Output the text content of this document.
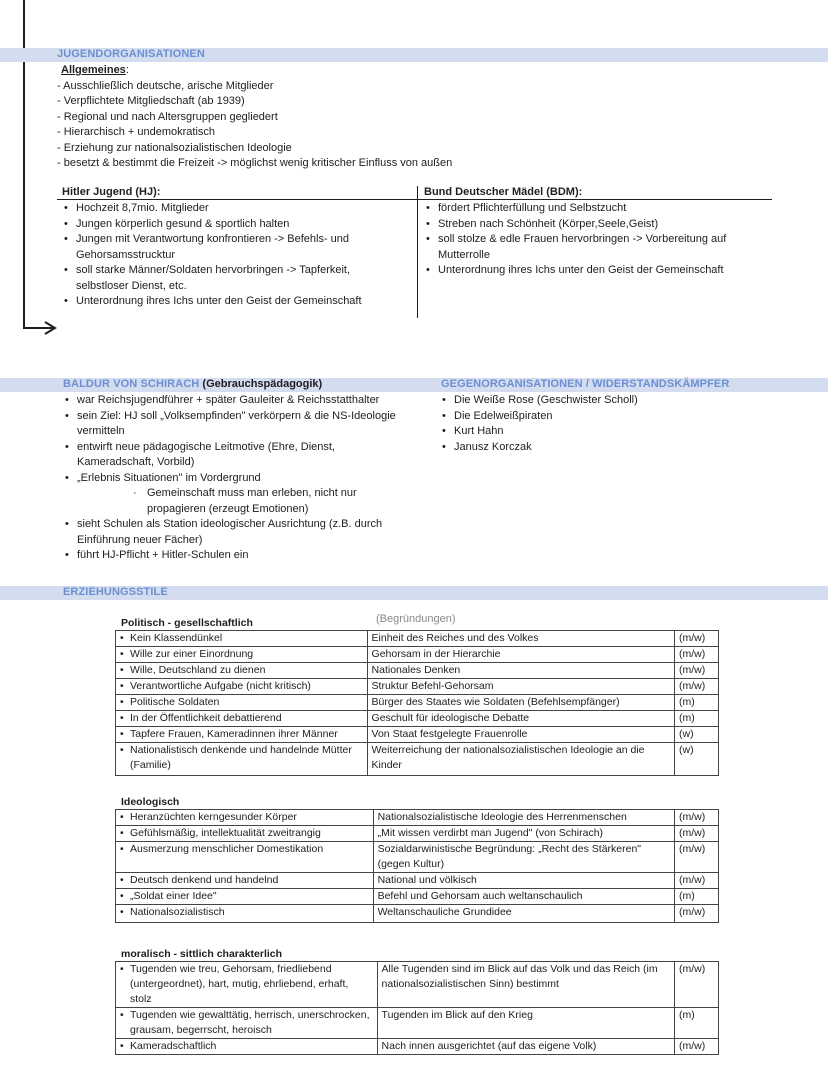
JUGENDORGANISATIONEN
Allgemeines:
- Ausschließlich deutsche, arische Mitglieder
- Verpflichtete Mitgliedschaft (ab 1939)
- Regional und nach Altersgruppen gegliedert
- Hierarchisch + undemokratisch
- Erziehung zur nationalsozialistischen Ideologie
- besetzt & bestimmt die Freizeit -> möglichst wenig kritischer Einfluss von außen
Hitler Jugend (HJ):
• Hochzeit 8,7mio. Mitglieder
• Jungen körperlich gesund & sportlich halten
• Jungen mit Verantwortung konfrontieren -> Befehls- und Gehorsamsstrucktur
• soll starke Männer/Soldaten hervorbringen -> Tapferkeit, selbstloser Dienst, etc.
• Unterordnung ihres Ichs unter den Geist der Gemeinschaft
Bund Deutscher Mädel (BDM):
• fördert Pflichterfüllung und Selbstzucht
• Streben nach Schönheit (Körper,Seele,Geist)
• soll stolze & edle Frauen hervorbringen -> Vorbereitung auf Mutterrolle
• Unterordnung ihres Ichs unter den Geist der Gemeinschaft
BALDUR VON SCHIRACH (Gebrauchspädagogik)	GEGENORGANISATIONEN / WIDERSTANDSKÄMPFER
• war Reichsjugendführer + später Gauleiter & Reichsstatthalter
• sein Ziel: HJ soll „Volksempfinden" verkörpern & die NS-Ideologie vermitteln
• entwirft neue pädagogische Leitmotive (Ehre, Dienst, Kameradschaft, Vorbild)
• „Erlebnis Situationen" im Vordergrund
· Gemeinschaft muss man erleben, nicht nur propagieren (erzeugt Emotionen)
• sieht Schulen als Station ideologischer Ausrichtung (z.B. durch Einführung neuer Fächer)
• führt HJ-Pflicht + Hitler-Schulen ein
• Die Weiße Rose (Geschwister Scholl)
• Die Edelweißpiraten
• Kurt Hahn
• Janusz Korczak
ERZIEHUNGSSTILE
(Begründungen)
Politisch - gesellschaftlich
• Kein Klassendünkel	Einheit des Reiches und des Volkes	(m/w)

• Wille zur einer Einordnung	Gehorsam in der Hierarchie	(m/w)

• Wille, Deutschland zu dienen	Nationales Denken	(m/w)

• Verantwortliche Aufgabe (nicht kritisch)	Struktur Befehl-Gehorsam	(m/w)

• Politische Soldaten	Bürger des Staates wie Soldaten (Befehlsempfänger)	(m)

• In der Öffentlichkeit debattierend	Geschult für ideologische Debatte	(m)

• Tapfere Frauen, Kameradinnen ihrer Männer	Von Staat festgelegte Frauenrolle	(w)

• Nationalistisch denkende und handelnde Mütter (Familie)	Weiterreichung der nationalsozialistischen Ideologie an die Kinder	(w)
Ideologisch
• Heranzüchten kerngesunder Körper	Nationalsozialistische Ideologie des Herrenmenschen	(m/w)

• Gefühlsmäßig, intellektualität zweitrangig	„Mit wissen verdirbt man Jugend" (von Schirach)	(m/w)

• Ausmerzung menschlicher Domestikation	Sozialdarwinistische Begründung: „Recht des Stärkeren" (gegen Kultur)	(m/w)

• Deutsch denkend und handelnd	National und völkisch	(m/w)

• „Soldat einer Idee"	Befehl und Gehorsam auch weltanschaulich	(m)

• Nationalsozialistisch	Weltanschauliche Grundidee	(m/w)
moralisch - sittlich charakterlich
• Tugenden wie treu, Gehorsam, friedliebend (untergeordnet), hart, mutig, ehrliebend, erhaft, stolz	Alle Tugenden sind im Blick auf das Volk und das Reich (im nationalsozialistischen Sinn) bestimmt	(m/w)

• Tugenden wie gewalttätig, herrisch, unerschrocken, grausam, begerrscht, heroisch	Tugenden im Blick auf den Krieg	(m)

• Kameradschaftlich	Nach innen ausgerichtet (auf das eigene Volk)	(m/w)
